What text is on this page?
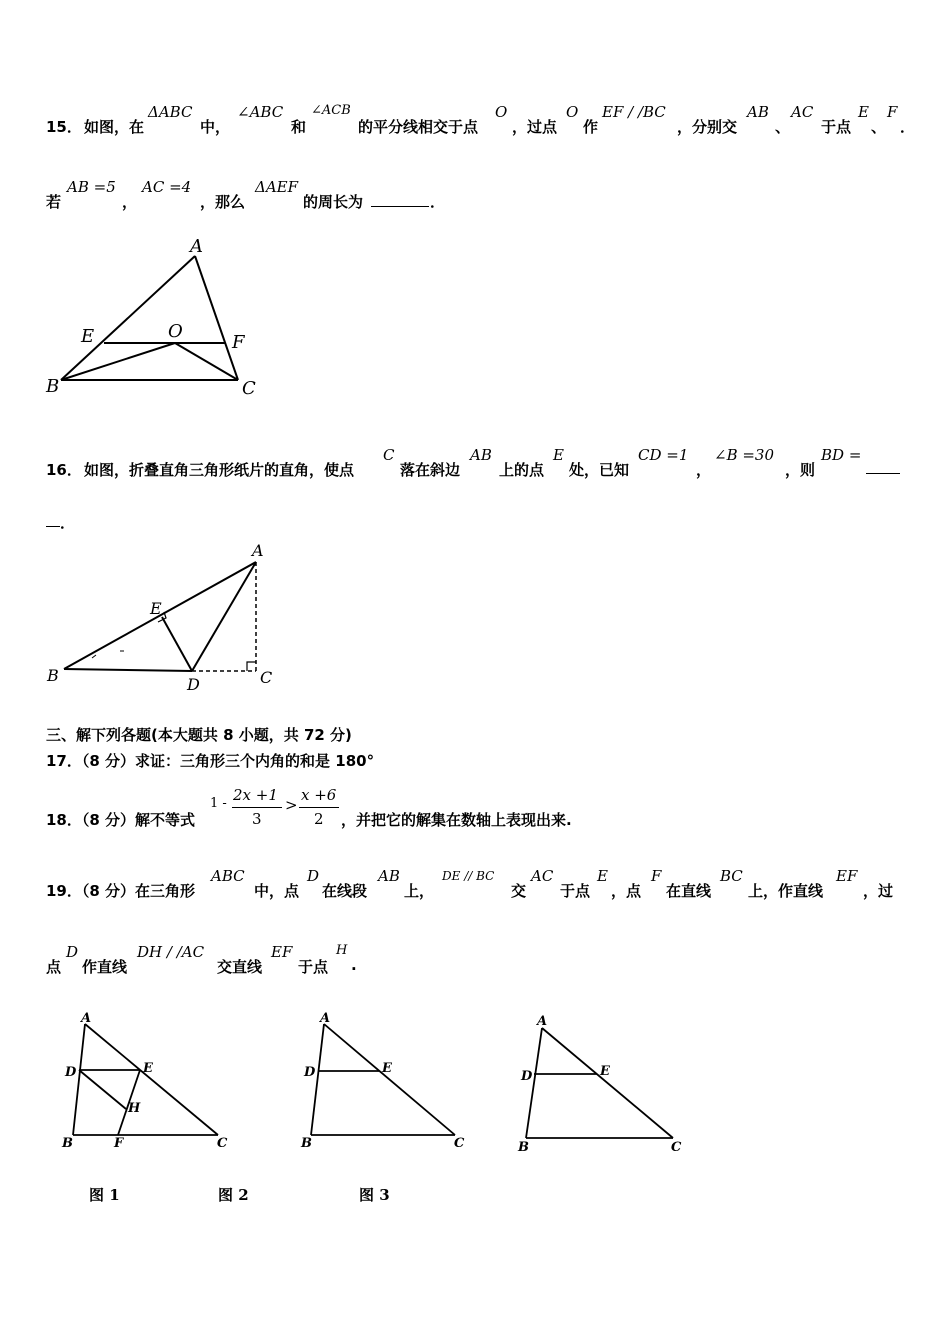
15． 如图，在
ΔABC
中，
∠ABC
和
∠ACB
的平分线相交于点
O
，过点
O
作
EF / /BC
，分别交
AB
、
AC
于点
E
、
F
．
若
AB =5
，
AC =4
，那么
ΔAEF
的周长为	．
A
E	O
F
B	C
16． 如图，折叠直角三角形纸片的直角，使点
C
落在斜边
AB
上的点
E
处，已知
CD =1
，
∠B =30
，则
BD =
．
A
E
B	D	C
三、解下列各题(本大题共 8 小题，共 72 分)
17．（8 分）求证：三角形三个内角的和是 180°
18．（8 分）解不等式
1 - 2x +1
3
>
x +6
2 ，并把它的解集在数轴上表现出来.
19．（8 分）在三角形
ABC
中，点
D
在线段
AB
上，
DE // BC
交
AC
于点
E
，点
F
在直线
BC
上，作直线
EF
，过
点
D
作直线
DH / /AC
交直线
EF
于点
H
.
A
D	E
H
B	F	C
A
D	E
B	C
A
D	E
B	C
图 1	图 2	图 3
